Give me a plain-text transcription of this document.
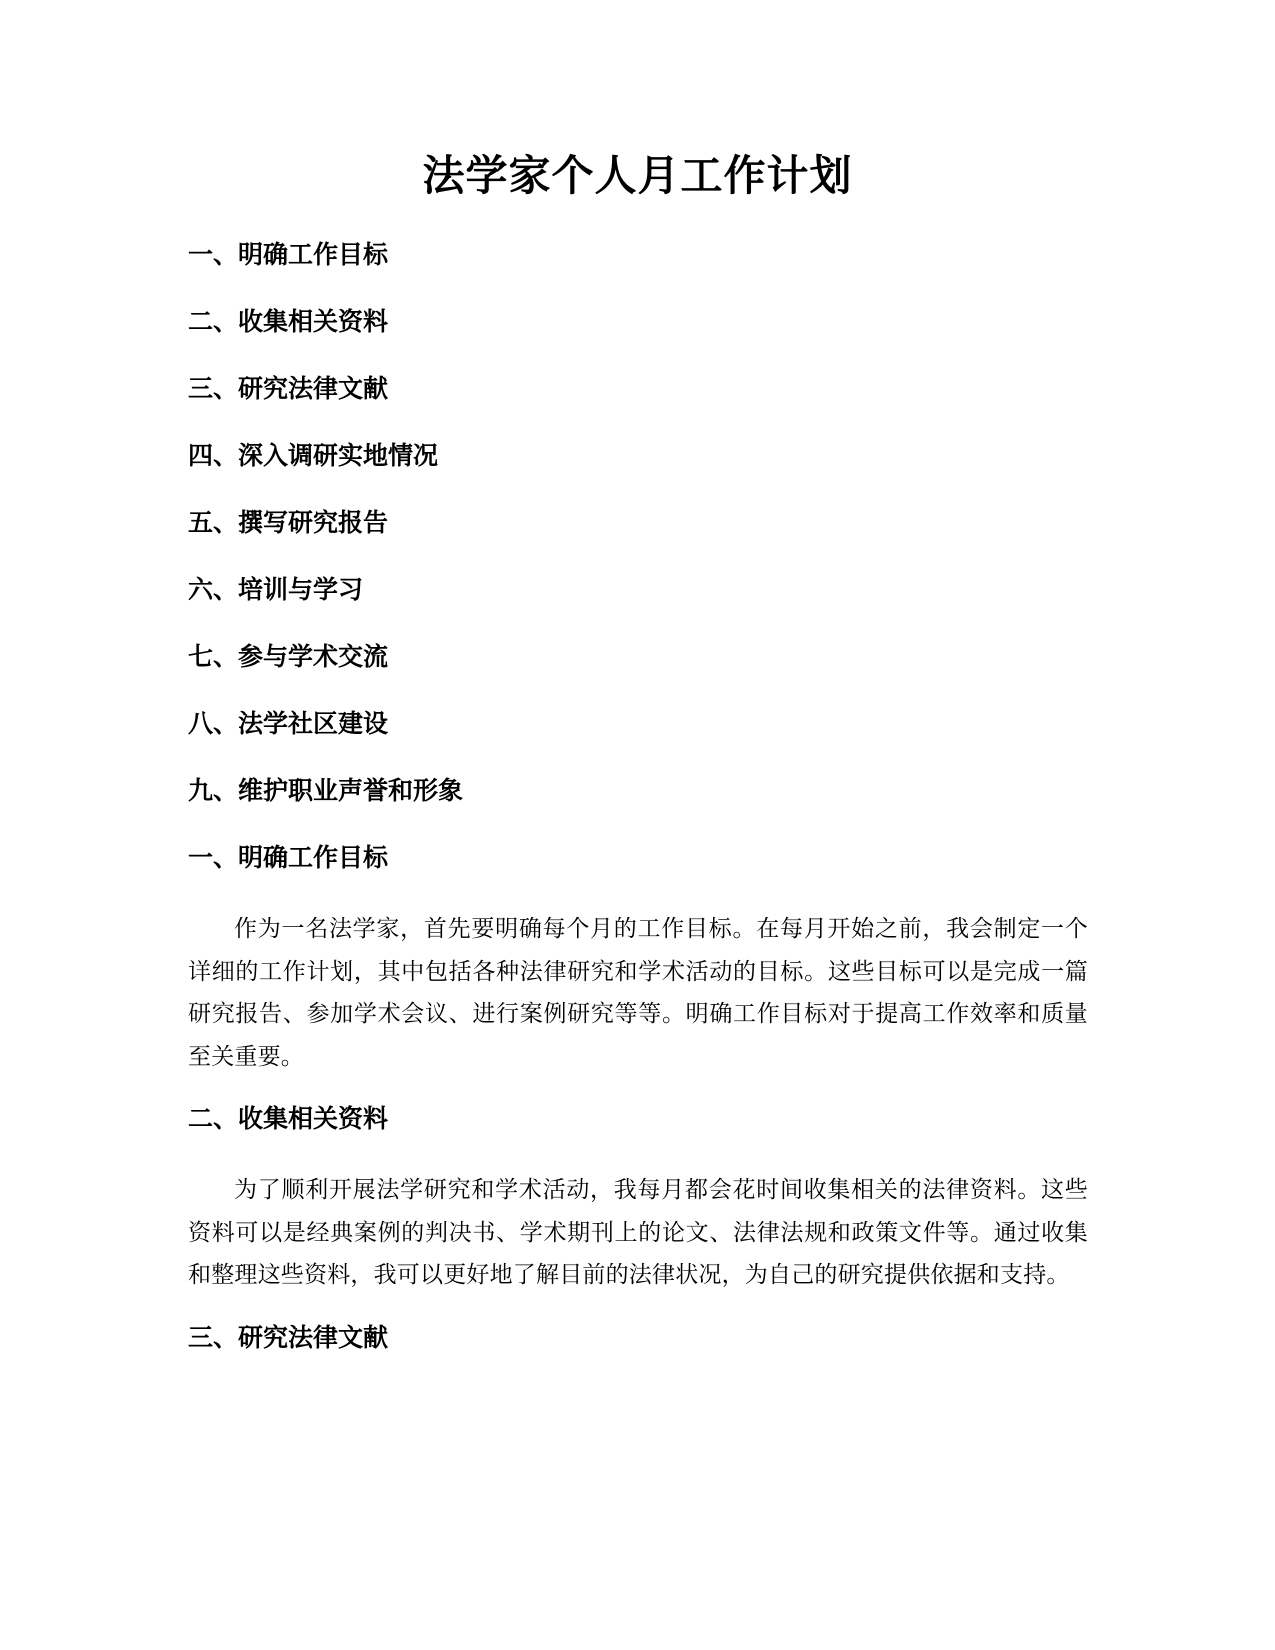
法学家个人月工作计划
一、明确工作目标
二、收集相关资料
三、研究法律文献
四、深入调研实地情况
五、撰写研究报告
六、培训与学习
七、参与学术交流
八、法学社区建设
九、维护职业声誉和形象
一、明确工作目标

作为一名法学家，首先要明确每个月的工作目标。在每月开始之前，我会制定一个详细的工作计划，其中包括各种法律研究和学术活动的目标。这些目标可以是完成一篇研究报告、参加学术会议、进行案例研究等等。明确工作目标对于提高工作效率和质量至关重要。

二、收集相关资料

为了顺利开展法学研究和学术活动，我每月都会花时间收集相关的法律资料。这些资料可以是经典案例的判决书、学术期刊上的论文、法律法规和政策文件等。通过收集和整理这些资料，我可以更好地了解目前的法律状况，为自己的研究提供依据和支持。

三、研究法律文献
